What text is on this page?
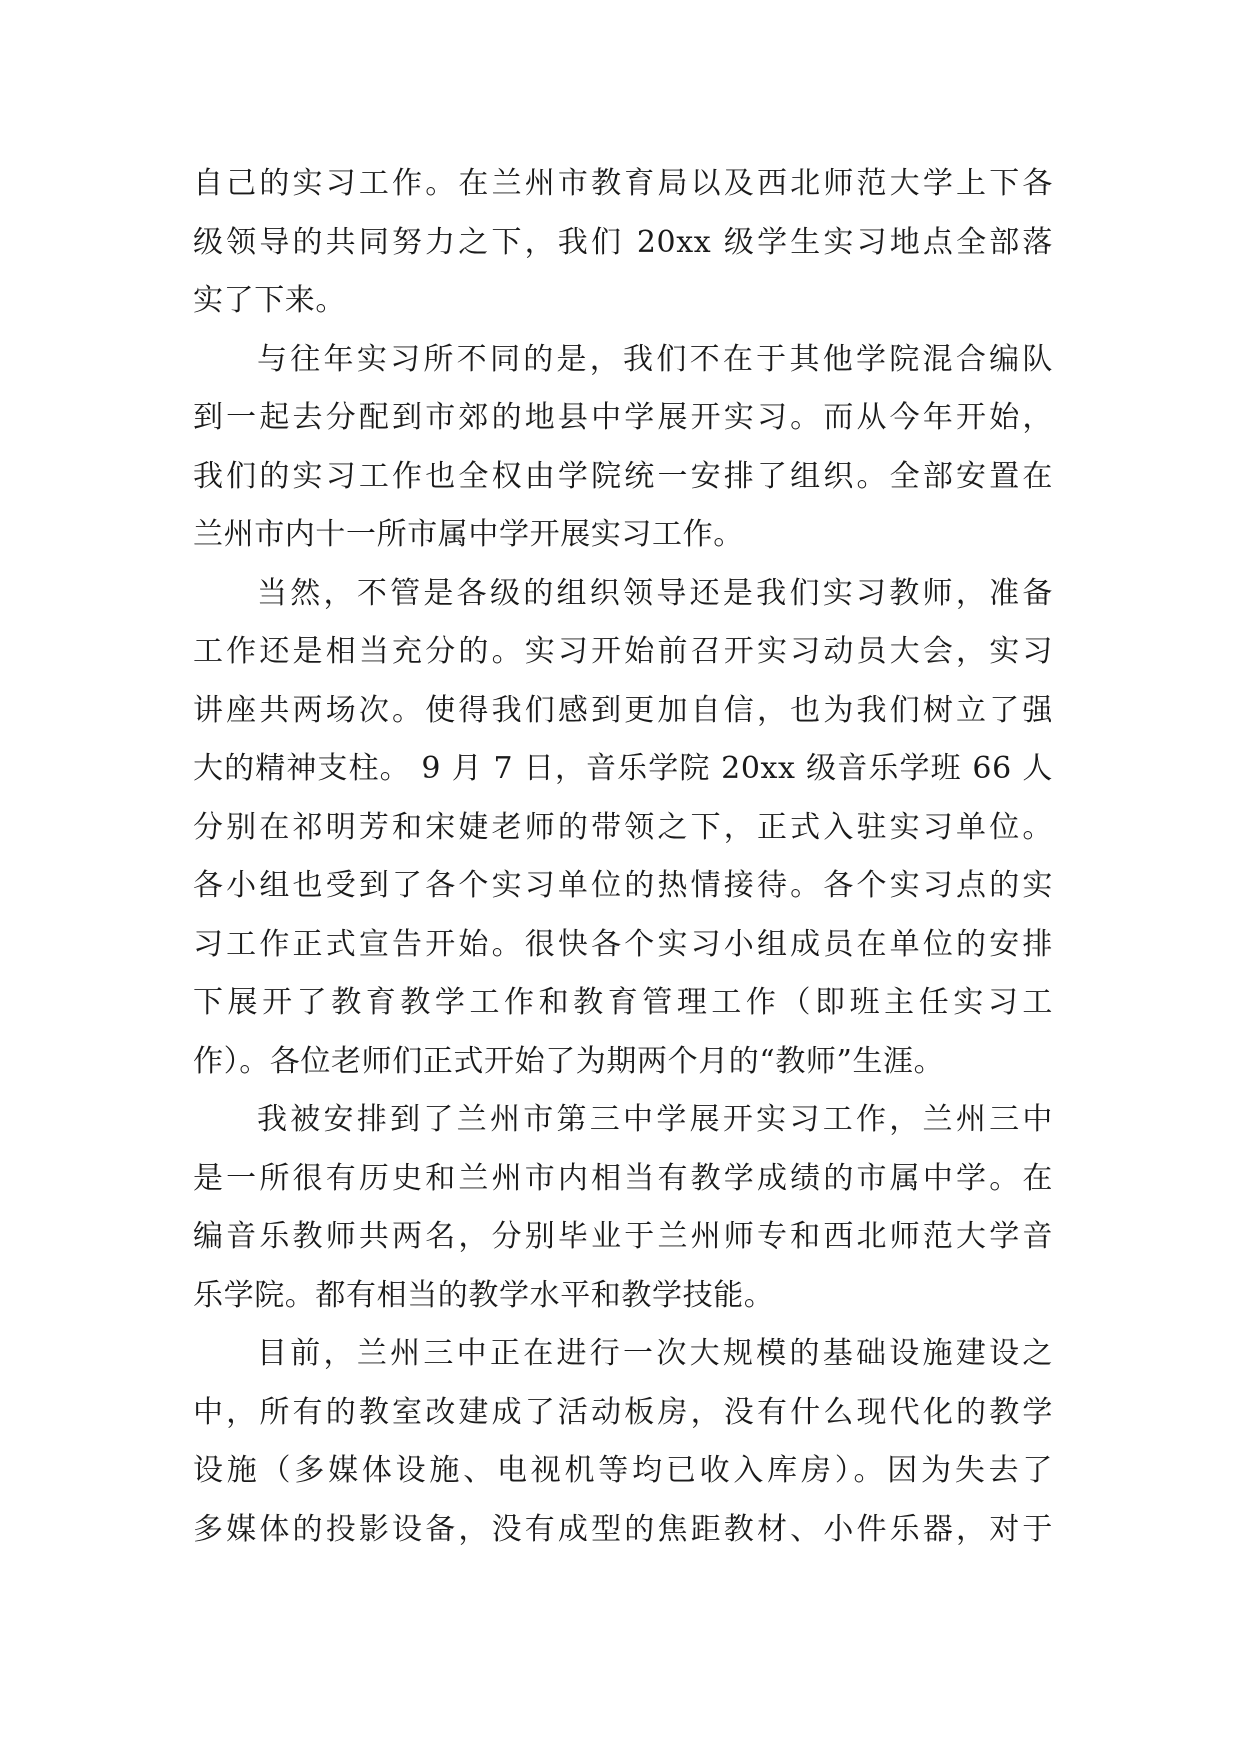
自己的实习工作。在兰州市教育局以及西北师范大学上下各
级领导的共同努力之下，我们 20xx 级学生实习地点全部落
实了下来。
与往年实习所不同的是，我们不在于其他学院混合编队
到一起去分配到市郊的地县中学展开实习。而从今年开始，
我们的实习工作也全权由学院统一安排了组织。全部安置在
兰州市内十一所市属中学开展实习工作。
当然，不管是各级的组织领导还是我们实习教师，准备
工作还是相当充分的。实习开始前召开实习动员大会，实习
讲座共两场次。使得我们感到更加自信，也为我们树立了强
大的精神支柱。 9 月 7 日，音乐学院 20xx 级音乐学班 66 人
分别在祁明芳和宋婕老师的带领之下，正式入驻实习单位。
各小组也受到了各个实习单位的热情接待。各个实习点的实
习工作正式宣告开始。很快各个实习小组成员在单位的安排
下展开了教育教学工作和教育管理工作（即班主任实习工
作）。各位老师们正式开始了为期两个月的“教师”生涯。
我被安排到了兰州市第三中学展开实习工作，兰州三中
是一所很有历史和兰州市内相当有教学成绩的市属中学。在
编音乐教师共两名，分别毕业于兰州师专和西北师范大学音
乐学院。都有相当的教学水平和教学技能。
目前，兰州三中正在进行一次大规模的基础设施建设之
中，所有的教室改建成了活动板房，没有什么现代化的教学
设施（多媒体设施、电视机等均已收入库房）。因为失去了
多媒体的投影设备，没有成型的焦距教材、小件乐器，对于
